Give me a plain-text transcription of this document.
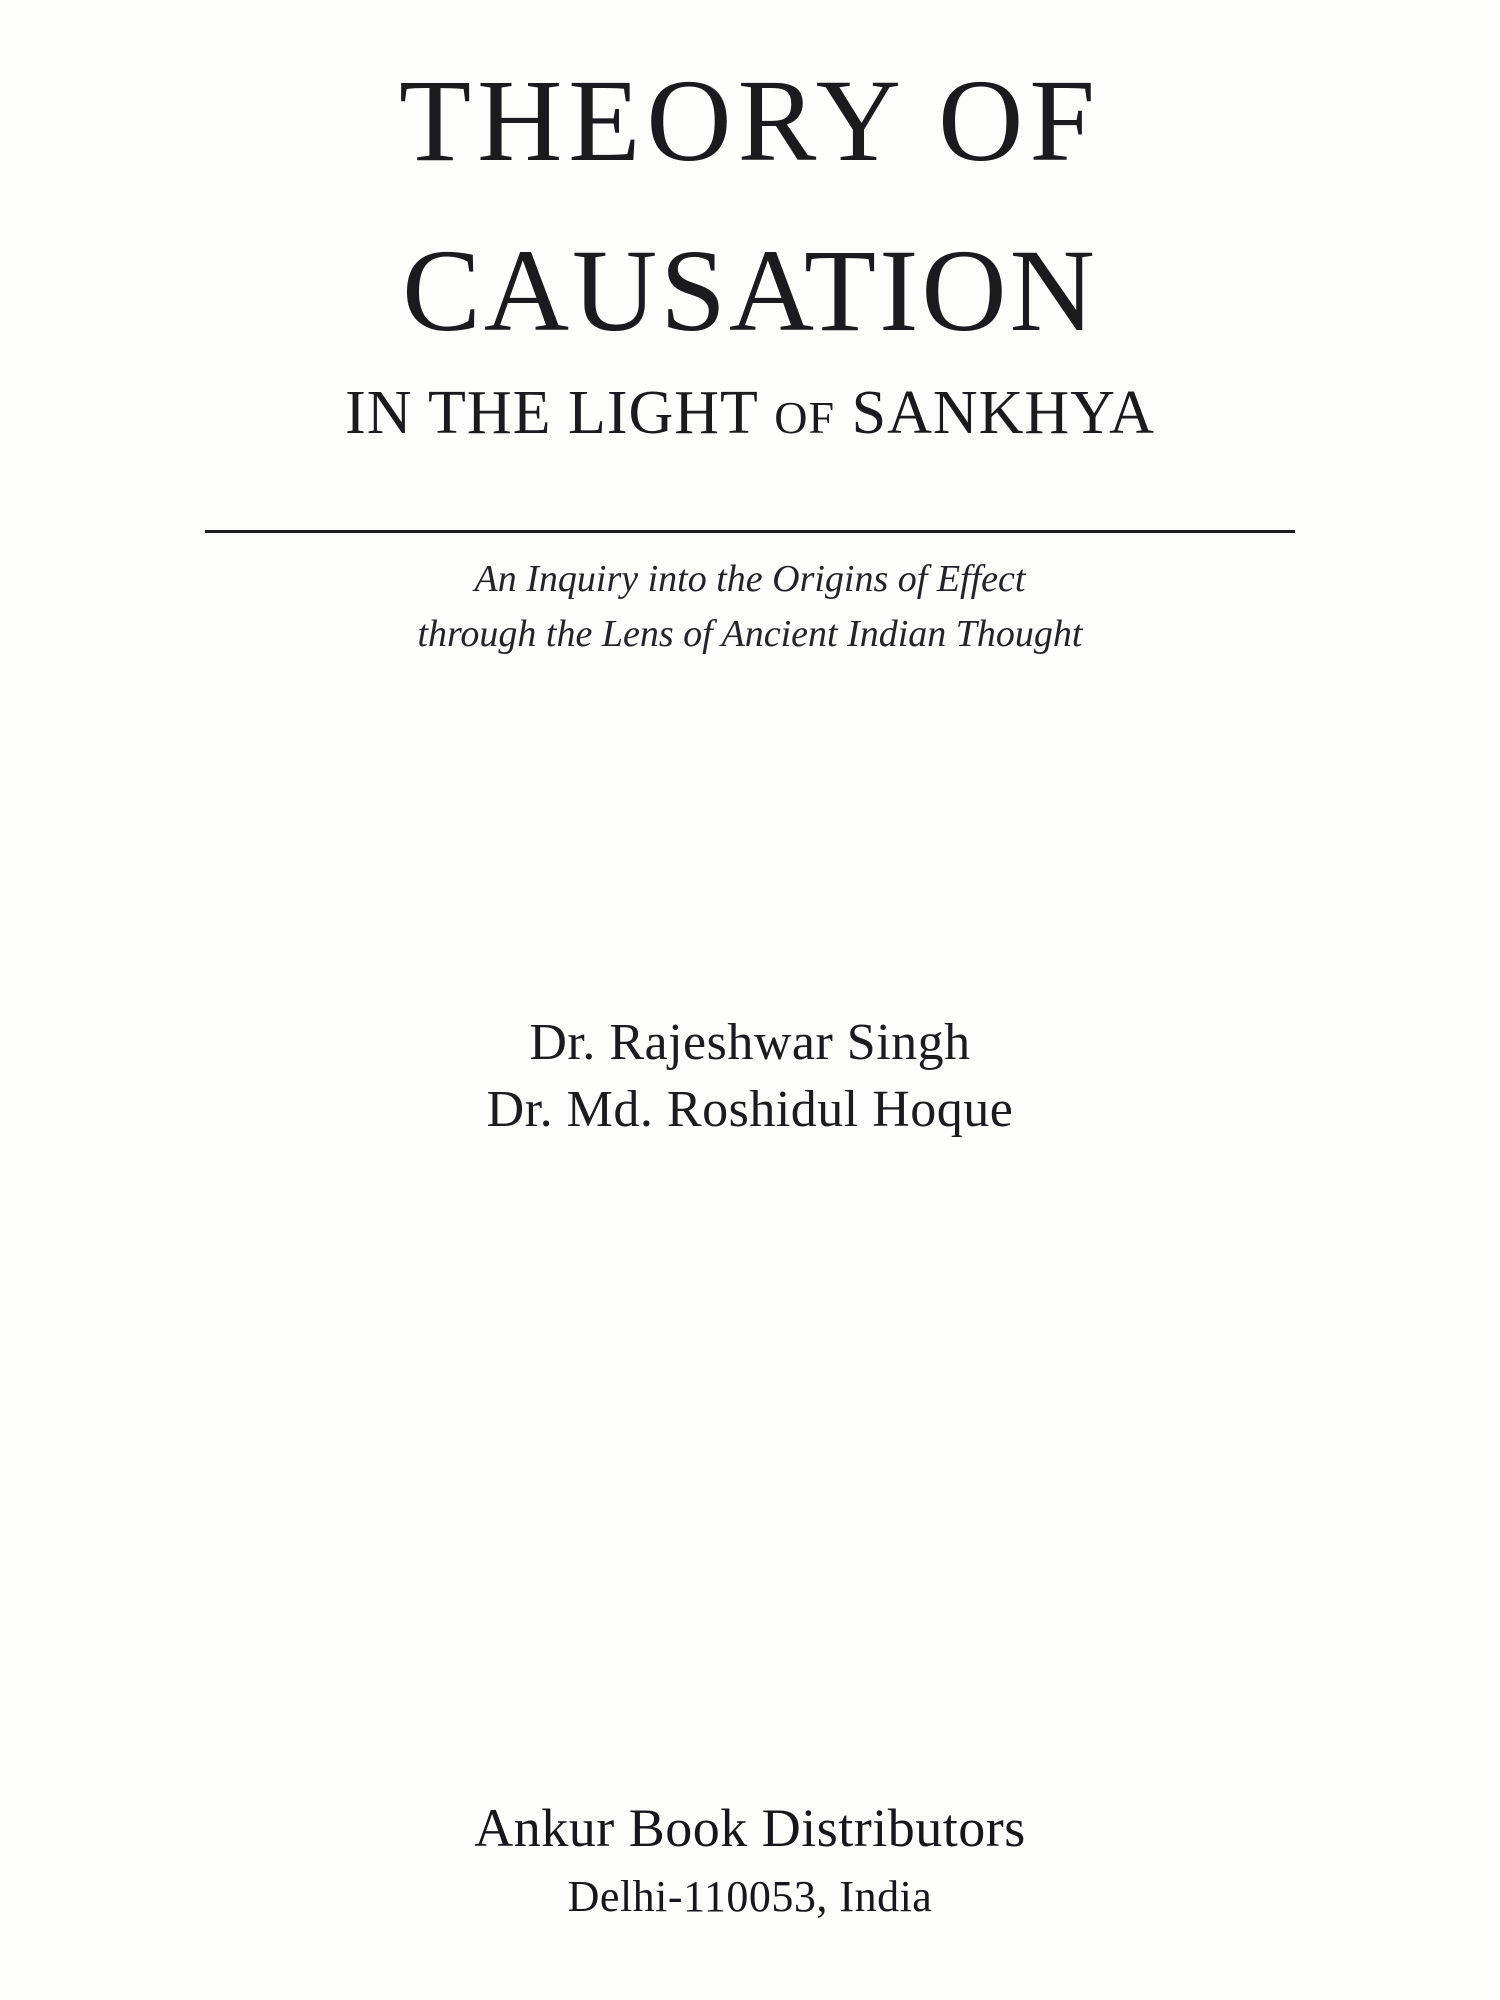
THEORY OF
CAUSATION
IN THE LIGHT OF SANKHYA
An Inquiry into the Origins of Effect
through the Lens of Ancient Indian Thought
Dr. Rajeshwar Singh
Dr. Md. Roshidul Hoque
Ankur Book Distributors
Delhi-110053, India
